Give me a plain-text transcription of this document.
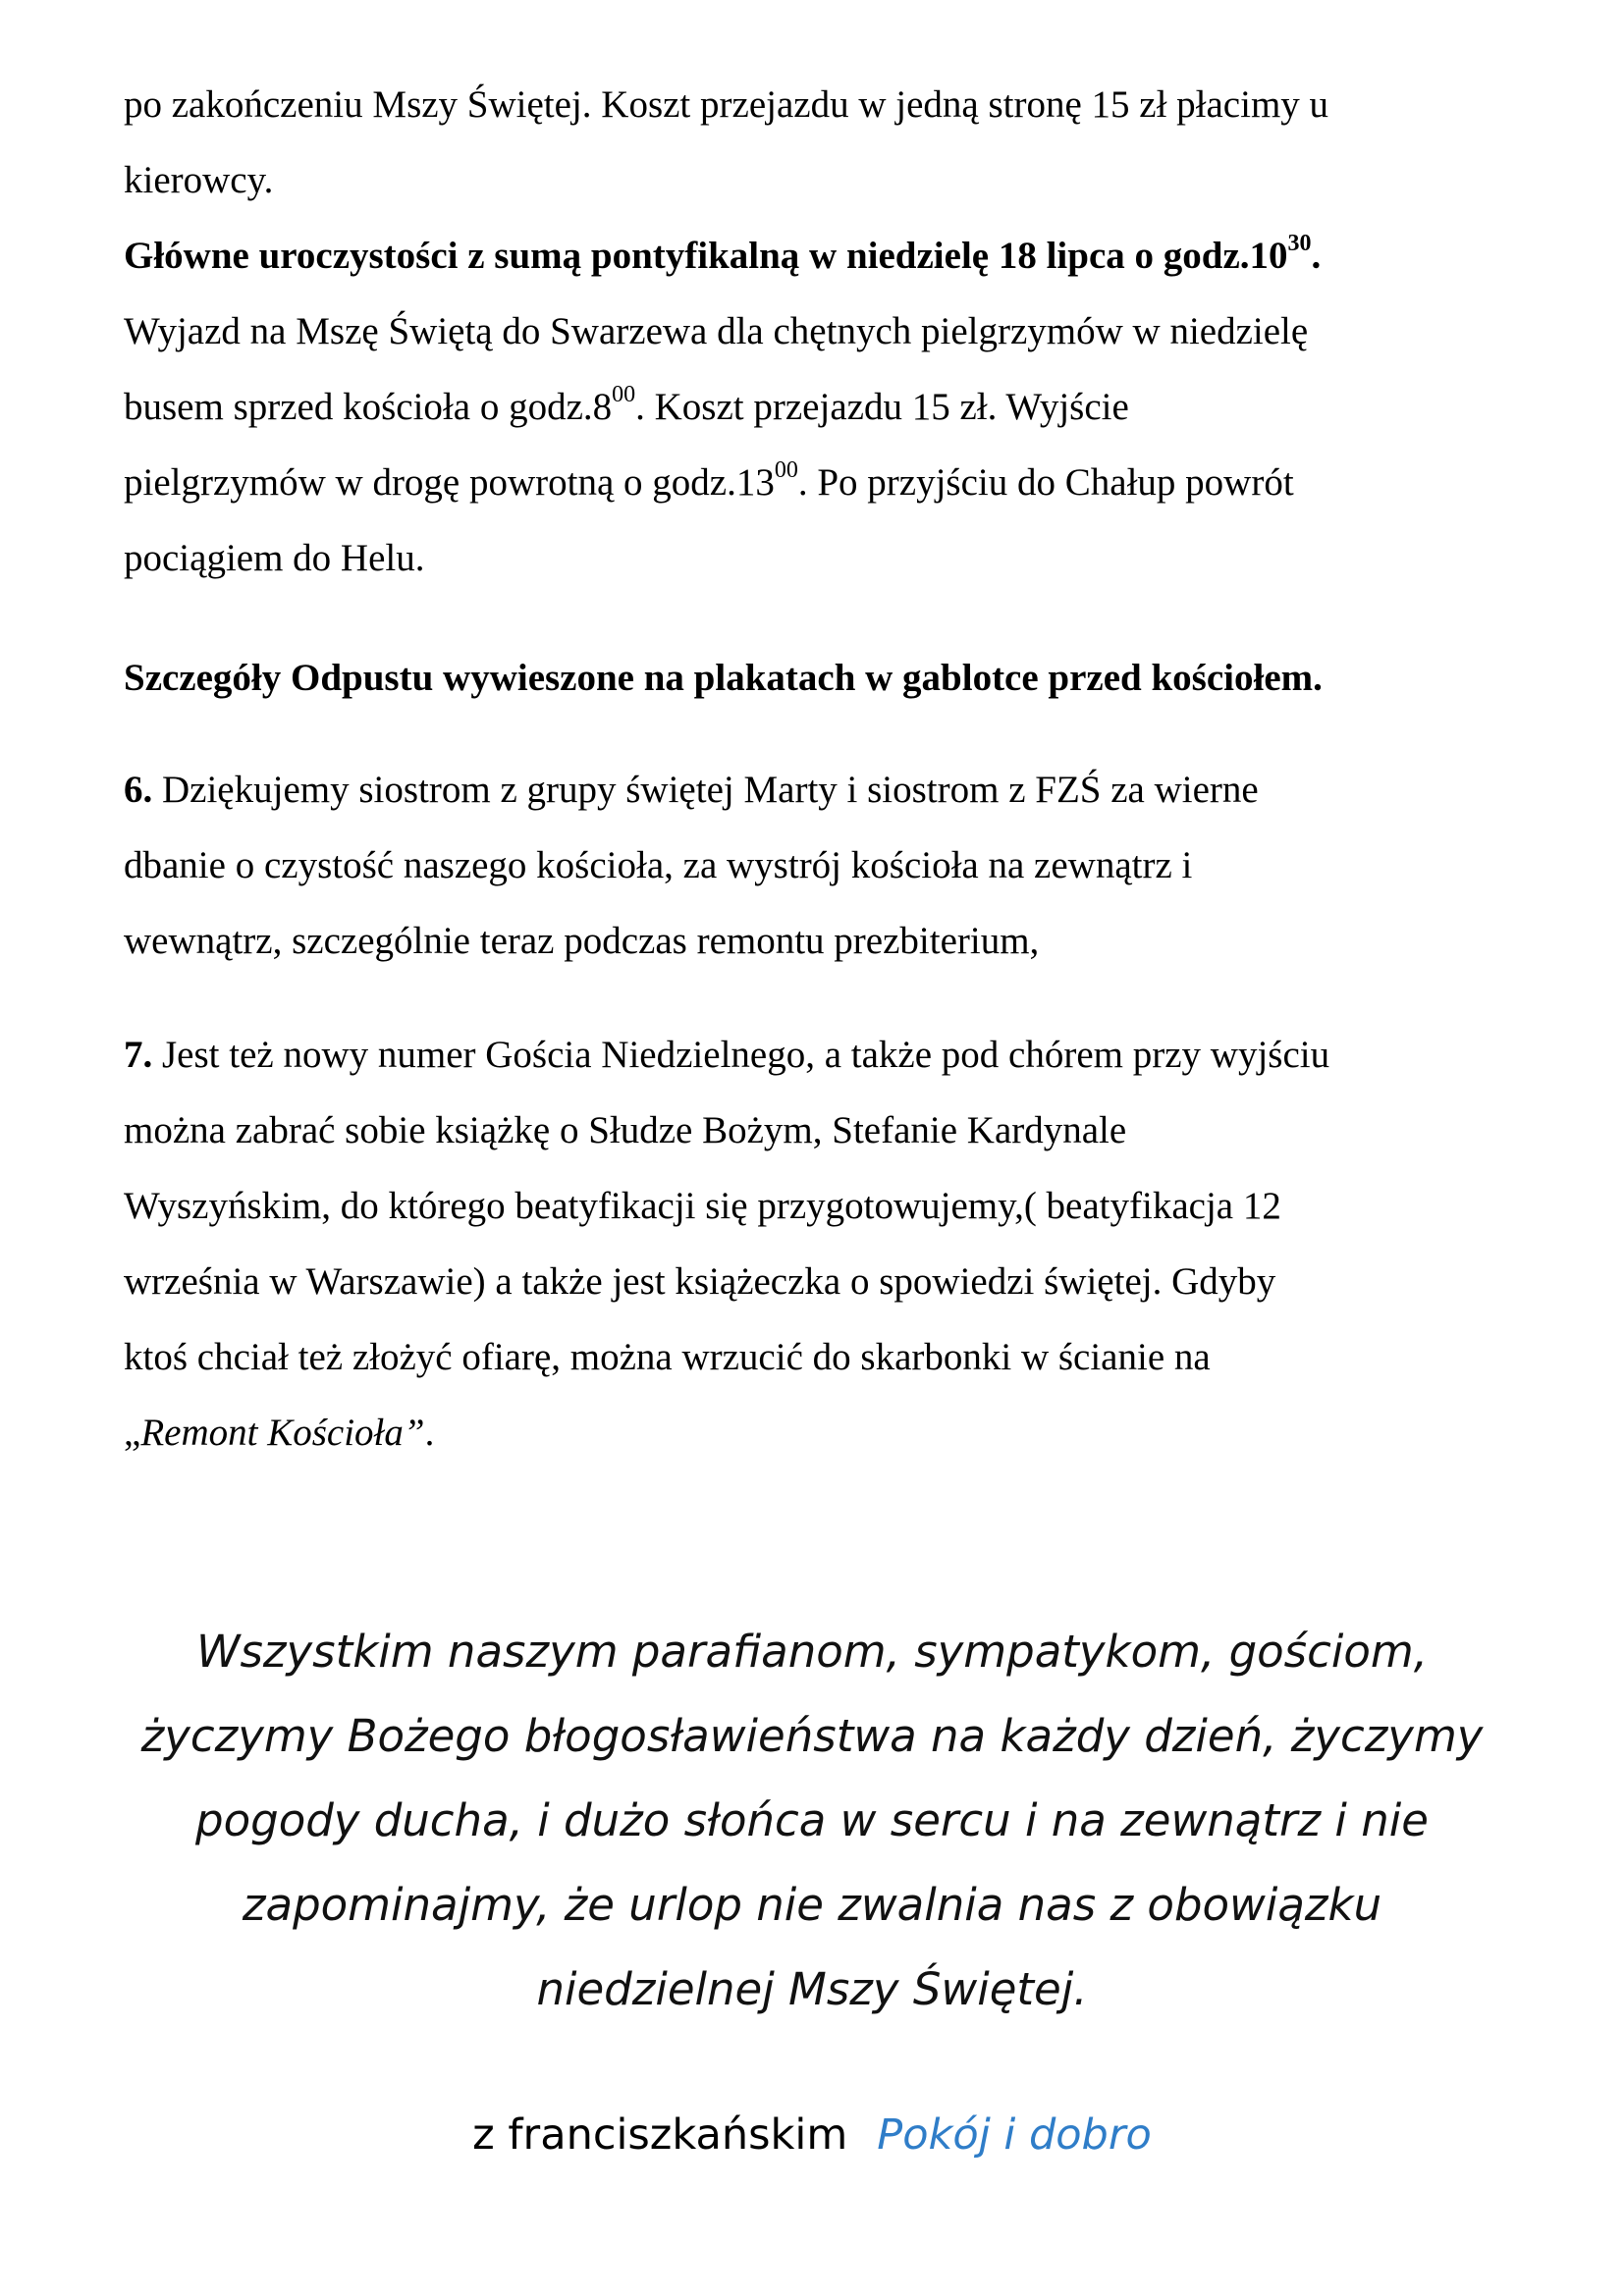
po zakończeniu Mszy Świętej. Koszt przejazdu w jedną stronę 15 zł płacimy u
kierowcy.
Główne uroczystości z sumą pontyfikalną w niedzielę 18 lipca o $godz.10^{30}$.
Wyjazd na Mszę Świętą do Swarzewa dla chętnych pielgrzymów w niedzielę
busem sprzed kościoła o $godz.8^{00}$. Koszt przejazdu 15 zł. Wyjście
pielgrzymów w drogę powrotną o $godz.13^{00}$. Po przyjściu do Chałup powrót
pociągiem do Helu.
Szczegóły Odpustu wywieszone na plakatach w gablotce przed kościołem.
6. Dziękujemy siostrom z grupy świętej Marty i siostrom z FZŚ za wierne
dbanie o czystość naszego kościoła, za wystrój kościoła na zewnątrz i
wewnątrz, szczególnie teraz podczas remontu prezbiterium,
7. Jest też nowy numer Gościa Niedzielnego, a także pod chórem przy wyjściu
można zabrać sobie książkę o Słudze Bożym, Stefanie Kardynale
Wyszyńskim, do którego beatyfikacji się przygotowujemy,( beatyfikacja 12
września w Warszawie) a także jest książeczka o spowiedzi świętej. Gdyby
ktoś chciał też złożyć ofiarę, można wrzucić do skarbonki w ścianie na
„Remont Kościoła”.
Wszystkim naszym parafianom, sympatykom, gościom,
życzymy Bożego błogosławieństwa na każdy dzień, życzymy
pogody ducha, i dużo słońca w sercu i na zewnątrz i nie
zapominajmy, że urlop nie zwalnia nas z obowiązku
niedzielnej Mszy Świętej.
z franciszkańskim Pokój i dobro
